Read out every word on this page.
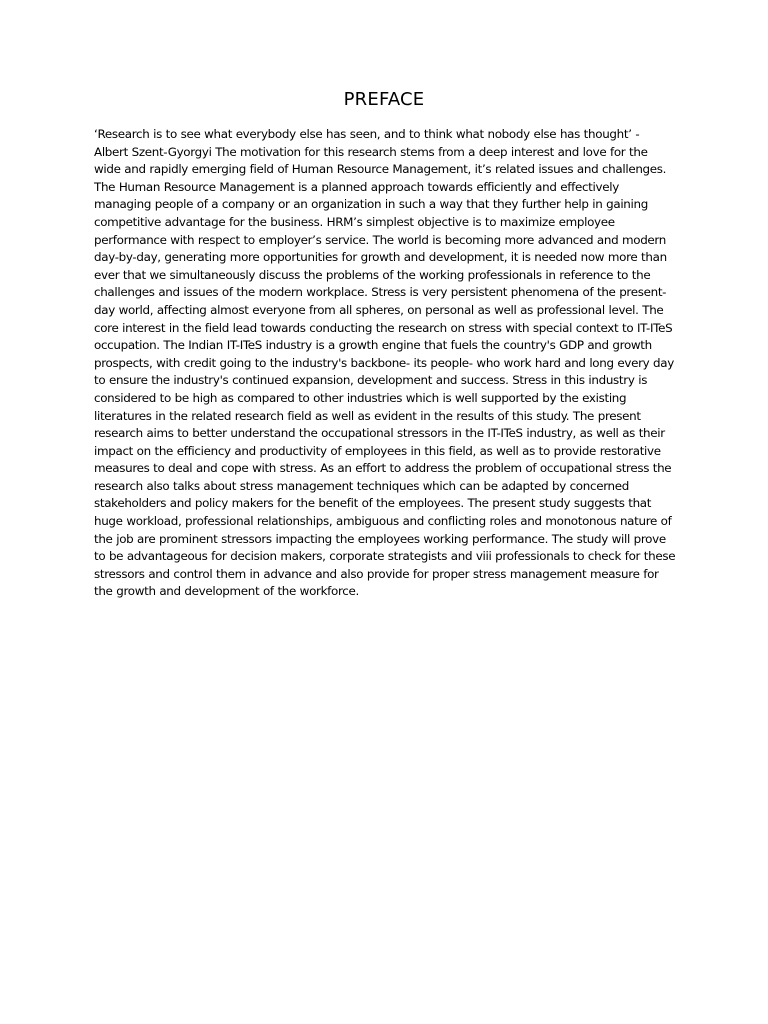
PREFACE

‘Research is to see what everybody else has seen, and to think what nobody else has thought’ - Albert Szent-Gyorgyi The motivation for this research stems from a deep interest and love for the wide and rapidly emerging field of Human Resource Management, it’s related issues and challenges. The Human Resource Management is a planned approach towards efficiently and effectively managing people of a company or an organization in such a way that they further help in gaining competitive advantage for the business. HRM’s simplest objective is to maximize employee performance with respect to employer’s service. The world is becoming more advanced and modern day-by-day, generating more opportunities for growth and development, it is needed now more than ever that we simultaneously discuss the problems of the working professionals in reference to the challenges and issues of the modern workplace. Stress is very persistent phenomena of the present-day world, affecting almost everyone from all spheres, on personal as well as professional level. The core interest in the field lead towards conducting the research on stress with special context to IT-ITeS occupation. The Indian IT-ITeS industry is a growth engine that fuels the country's GDP and growth prospects, with credit going to the industry's backbone- its people- who work hard and long every day to ensure the industry's continued expansion, development and success. Stress in this industry is considered to be high as compared to other industries which is well supported by the existing literatures in the related research field as well as evident in the results of this study. The present research aims to better understand the occupational stressors in the IT-ITeS industry, as well as their impact on the efficiency and productivity of employees in this field, as well as to provide restorative measures to deal and cope with stress. As an effort to address the problem of occupational stress the research also talks about stress management techniques which can be adapted by concerned stakeholders and policy makers for the benefit of the employees. The present study suggests that huge workload, professional relationships, ambiguous and conflicting roles and monotonous nature of the job are prominent stressors impacting the employees working performance. The study will prove to be advantageous for decision makers, corporate strategists and viii professionals to check for these stressors and control them in advance and also provide for proper stress management measure for the growth and development of the workforce.
